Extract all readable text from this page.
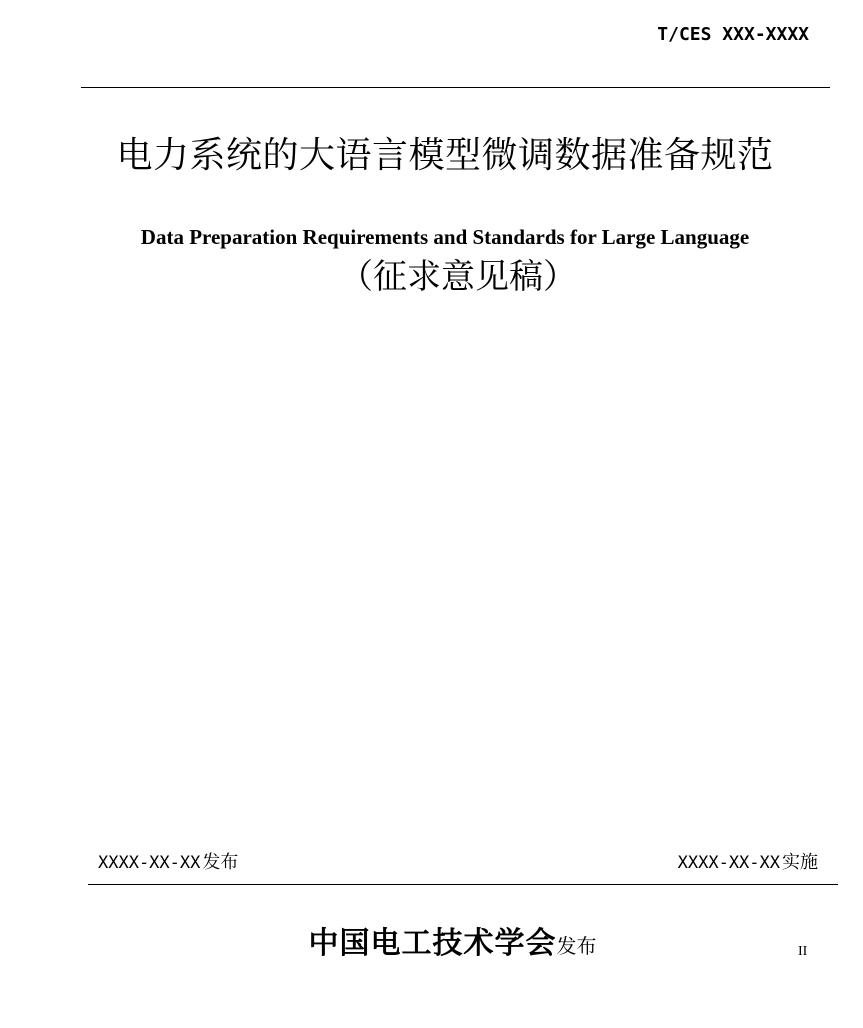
T/CES XXX-XXXX
电力系统的大语言模型微调数据准备规范
Data Preparation Requirements and Standards for Large Language
（征求意见稿）
XXXX-XX-XX 发布	XXXX-XX-XX 实施
中国电工技术学会发布	II
